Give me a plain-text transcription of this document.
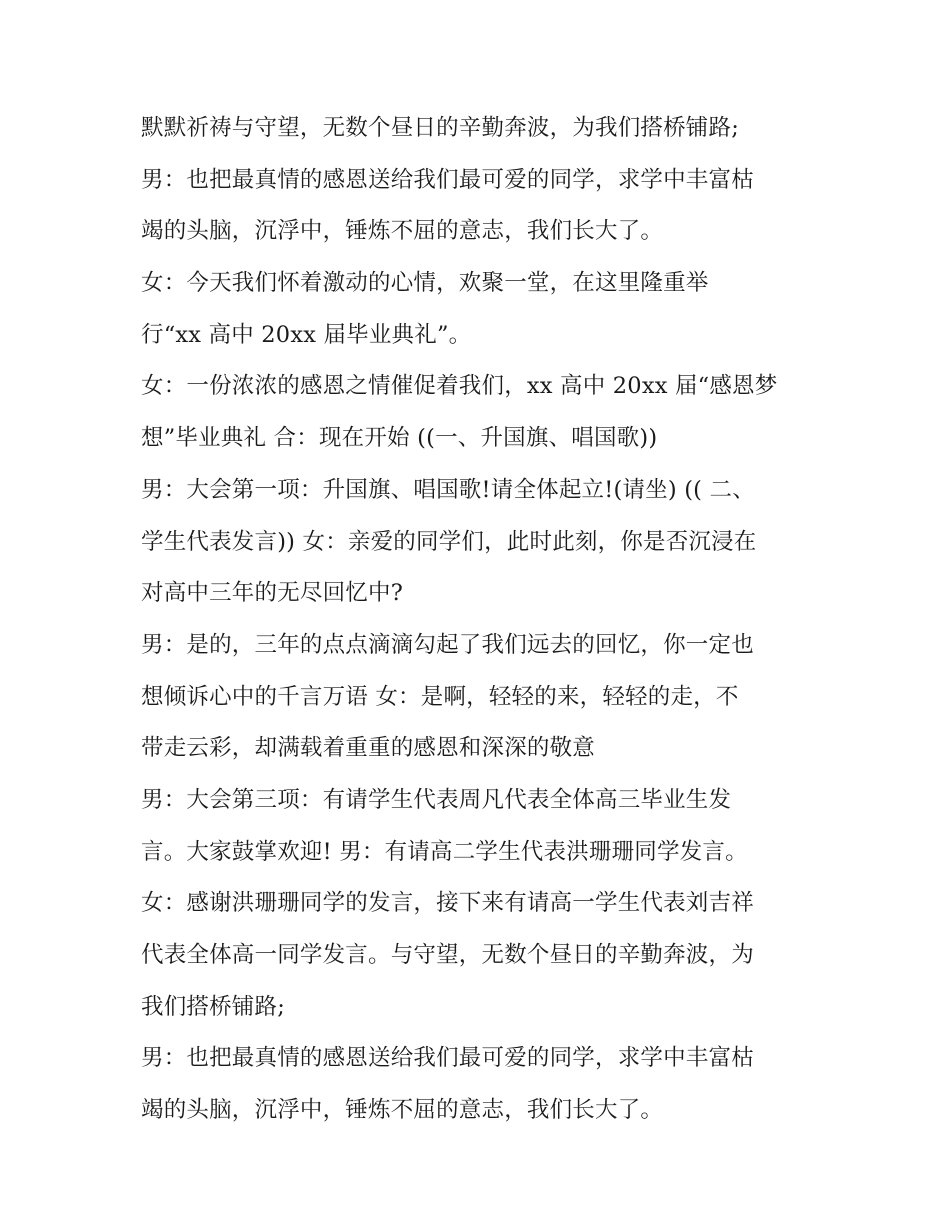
默默祈祷与守望，无数个昼日的辛勤奔波，为我们搭桥铺路;
男：也把最真情的感恩送给我们最可爱的同学，求学中丰富枯
竭的头脑，沉浮中，锤炼不屈的意志，我们长大了。
女：今天我们怀着激动的心情，欢聚一堂，在这里隆重举
行“xx 高中 20xx 届毕业典礼”。
女：一份浓浓的感恩之情催促着我们，xx 高中 20xx 届“感恩梦
想”毕业典礼 合：现在开始 ((一、升国旗、唱国歌))
男：大会第一项：升国旗、唱国歌!请全体起立!(请坐) (( 二、
学生代表发言)) 女：亲爱的同学们，此时此刻，你是否沉浸在
对高中三年的无尽回忆中?
男：是的，三年的点点滴滴勾起了我们远去的回忆，你一定也
想倾诉心中的千言万语 女：是啊，轻轻的来，轻轻的走，不
带走云彩，却满载着重重的感恩和深深的敬意
男：大会第三项：有请学生代表周凡代表全体高三毕业生发
言。大家鼓掌欢迎! 男：有请高二学生代表洪珊珊同学发言。
女：感谢洪珊珊同学的发言，接下来有请高一学生代表刘吉祥
代表全体高一同学发言。与守望，无数个昼日的辛勤奔波，为
我们搭桥铺路;
男：也把最真情的感恩送给我们最可爱的同学，求学中丰富枯
竭的头脑，沉浮中，锤炼不屈的意志，我们长大了。
